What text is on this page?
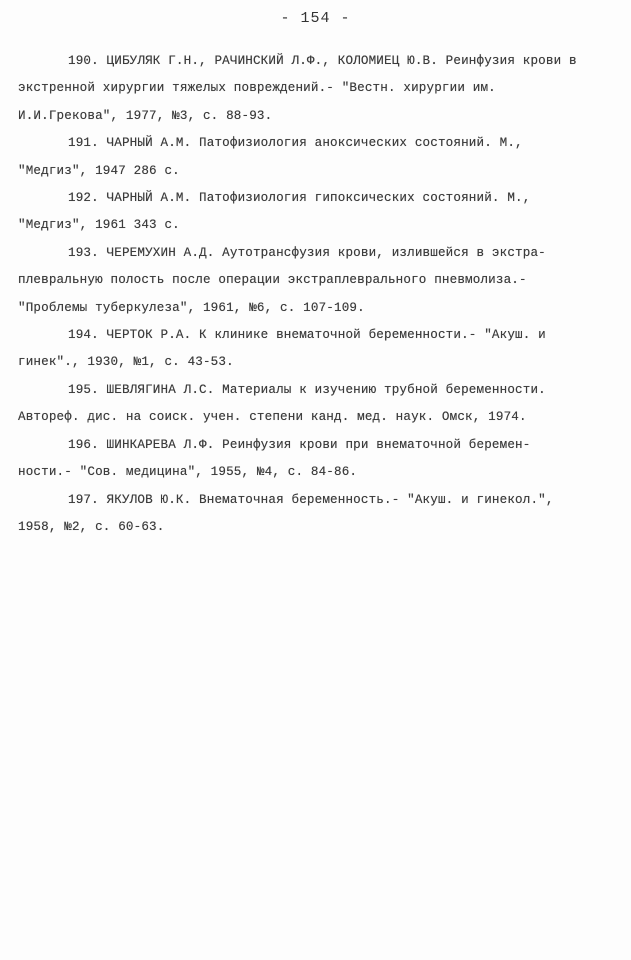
- 154 -
190. ЦИБУЛЯК Г.Н., РАЧИНСКИЙ Л.Ф., КОЛОМИЕЦ Ю.В. Реинфузия крови в
экстренной хирургии тяжелых повреждений.- "Вестн. хирургии им.
И.И.Грекова", 1977, №3, с. 88-93.
191. ЧАРНЫЙ А.М. Патофизиология аноксических состояний. М.,
"Медгиз", 1947 286 с.
192. ЧАРНЫЙ А.М. Патофизиология гипоксических состояний. М.,
"Медгиз", 1961 343 с.
193. ЧЕРЕМУХИН А.Д. Аутотрансфузия крови, излившейся в экстра-
плевральную полость после операции экстраплеврального пневмолиза.-
"Проблемы туберкулеза", 1961, №6, с. 107-109.
194. ЧЕРТОК Р.А. К клинике внематочной беременности.- "Акуш. и
гинек"., 1930, №1, с. 43-53.
195. ШЕВЛЯГИНА Л.С. Материалы к изучению трубной беременности.
Автореф. дис. на соиск. учен. степени канд. мед. наук. Омск, 1974.
196. ШИНКАРЕВА Л.Ф. Реинфузия крови при внематочной беремен-
ности.- "Сов. медицина", 1955, №4, с. 84-86.
197. ЯКУЛОВ Ю.К. Внематочная беременность.- "Акуш. и гинекол.",
1958, №2, с. 60-63.
